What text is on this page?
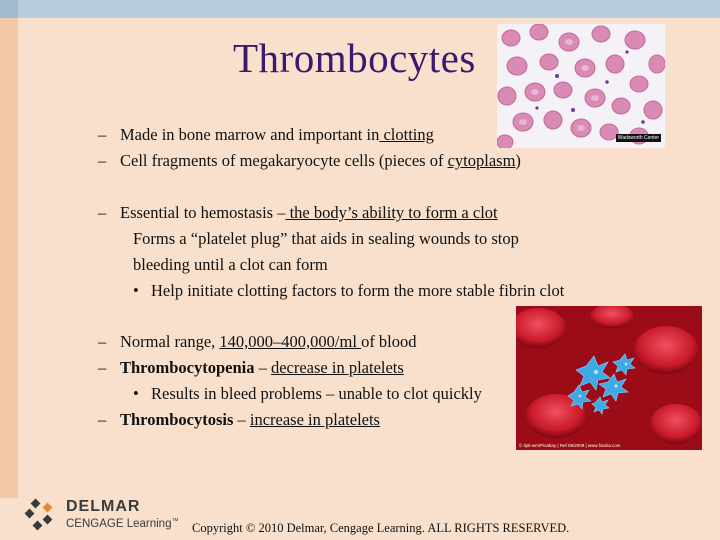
Thrombocytes
– Made in bone marrow and important in clotting
– Cell fragments of megakaryocyte cells (pieces of cytoplasm)
– Essential to hemostasis – the body’s ability to form a clot
Forms a “platelet plug” that aids in sealing wounds to stop
bleeding until a clot can form
• Help initiate clotting factors to form the more stable fibrin clot
– Normal range, 140,000–400,000/ml of blood
– Thrombocytopenia – decrease in platelets
• Results in bleed problems – unable to clot quickly
– Thrombocytosis – increase in platelets
Wadsworth Center
© lipit-wm/Pixabay | Ref 06/2009 | www.fotolia.com
DELMAR
CENGAGE Learning™ Copyright © 2010 Delmar, Cengage Learning. ALL RIGHTS RESERVED.
